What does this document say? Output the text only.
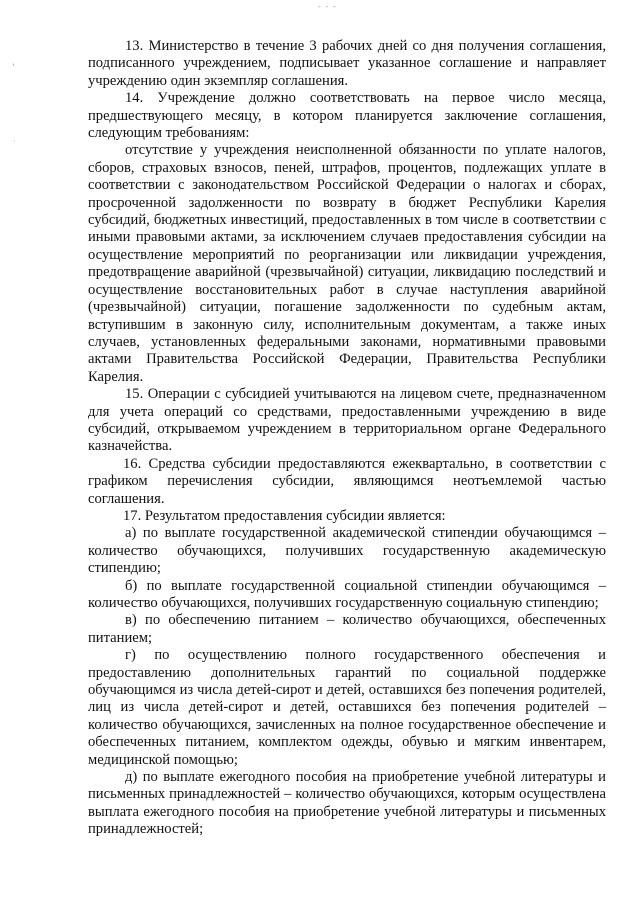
- - -
'
·

13. Министерство в течение 3 рабочих дней со дня получения соглашения, подписанного учреждением, подписывает указанное соглашение и направляет учреждению один экземпляр соглашения.

14. Учреждение должно соответствовать на первое число месяца, предшествующего месяцу, в котором планируется заключение соглашения, следующим требованиям:

отсутствие у учреждения неисполненной обязанности по уплате налогов, сборов, страховых взносов, пеней, штрафов, процентов, подлежащих уплате в соответствии с законодательством Российской Федерации о налогах и сборах, просроченной задолженности по возврату в бюджет Республики Карелия субсидий, бюджетных инвестиций, предоставленных в том числе в соответствии с иными правовыми актами, за исключением случаев предоставления субсидии на осуществление мероприятий по реорганизации или ликвидации учреждения, предотвращение аварийной (чрезвычайной) ситуации, ликвидацию последствий и осуществление восстановительных работ в случае наступления аварийной (чрезвычайной) ситуации, погашение задолженности по судебным актам, вступившим в законную силу, исполнительным документам, а также иных случаев, установленных федеральными законами, нормативными правовыми актами Правительства Российской Федерации, Правительства Республики Карелия.

15. Операции с субсидией учитываются на лицевом счете, предназначенном для учета операций со средствами, предоставленными учреждению в виде субсидий, открываемом учреждением в территориальном органе Федерального казначейства.

16. Средства субсидии предоставляются ежеквартально, в соответствии с графиком перечисления субсидии, являющимся неотъемлемой частью соглашения.

17. Результатом предоставления субсидии является:

а) по выплате государственной академической стипендии обучающимся – количество обучающихся, получивших государственную академическую стипендию;

б) по выплате государственной социальной стипендии обучающимся – количество обучающихся, получивших государственную социальную стипендию;

в) по обеспечению питанием – количество обучающихся, обеспеченных питанием;

г) по осуществлению полного государственного обеспечения и предоставлению дополнительных гарантий по социальной поддержке обучающимся из числа детей-сирот и детей, оставшихся без попечения родителей, лиц из числа детей-сирот и детей, оставшихся без попечения родителей – количество обучающихся, зачисленных на полное государственное обеспечение и обеспеченных питанием, комплектом одежды, обувью и мягким инвентарем, медицинской помощью;

д) по выплате ежегодного пособия на приобретение учебной литературы и письменных принадлежностей – количество обучающихся, которым осуществлена выплата ежегодного пособия на приобретение учебной литературы и письменных принадлежностей;
